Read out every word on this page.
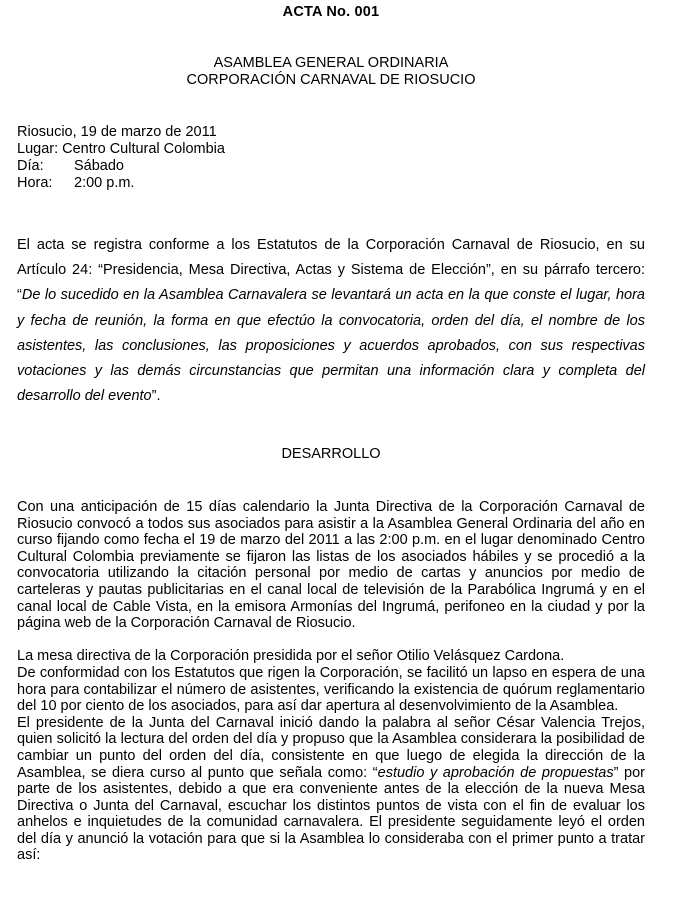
ACTA No. 001
ASAMBLEA GENERAL ORDINARIA
CORPORACIÓN CARNAVAL DE RIOSUCIO
Riosucio, 19 de marzo de 2011
Lugar: Centro Cultural Colombia
Día: Sábado
Hora: 2:00 p.m.
El acta se registra conforme a los Estatutos de la Corporación Carnaval de Riosucio, en su Artículo 24: “Presidencia, Mesa Directiva, Actas y Sistema de Elección”, en su párrafo tercero: “De lo sucedido en la Asamblea Carnavalera se levantará un acta en la que conste el lugar, hora y fecha de reunión, la forma en que efectúo la convocatoria, orden del día, el nombre de los asistentes, las conclusiones, las proposiciones y acuerdos aprobados, con sus respectivas votaciones y las demás circunstancias que permitan una información clara y completa del desarrollo del evento”.
DESARROLLO

Con una anticipación de 15 días calendario la Junta Directiva de la Corporación Carnaval de Riosucio convocó a todos sus asociados para asistir a la Asamblea General Ordinaria del año en curso fijando como fecha el 19 de marzo del 2011 a las 2:00 p.m. en el lugar denominado Centro Cultural Colombia previamente se fijaron las listas de los asociados hábiles y se procedió a la convocatoria utilizando la citación personal por medio de cartas y anuncios por medio de carteleras y pautas publicitarias en el canal local de televisión de la Parabólica Ingrumá y en el canal local de Cable Vista, en la emisora Armonías del Ingrumá, perifoneo en la ciudad y por la página web de la Corporación Carnaval de Riosucio.

La mesa directiva de la Corporación presidida por el señor Otilio Velásquez Cardona.

De conformidad con los Estatutos que rigen la Corporación, se facilitó un lapso en espera de una hora para contabilizar el número de asistentes, verificando la existencia de quórum reglamentario del 10 por ciento de los asociados, para así dar apertura al desenvolvimiento de la Asamblea.

El presidente de la Junta del Carnaval inició dando la palabra al señor César Valencia Trejos, quien solicitó la lectura del orden del día y propuso que la Asamblea considerara la posibilidad de cambiar un punto del orden del día, consistente en que luego de elegida la dirección de la Asamblea, se diera curso al punto que señala como: “estudio y aprobación de propuestas” por parte de los asistentes, debido a que era conveniente antes de la elección de la nueva Mesa Directiva o Junta del Carnaval, escuchar los distintos puntos de vista con el fin de evaluar los anhelos e inquietudes de la comunidad carnavalera. El presidente seguidamente leyó el orden del día y anunció la votación para que si la Asamblea lo consideraba con el primer punto a tratar así:
